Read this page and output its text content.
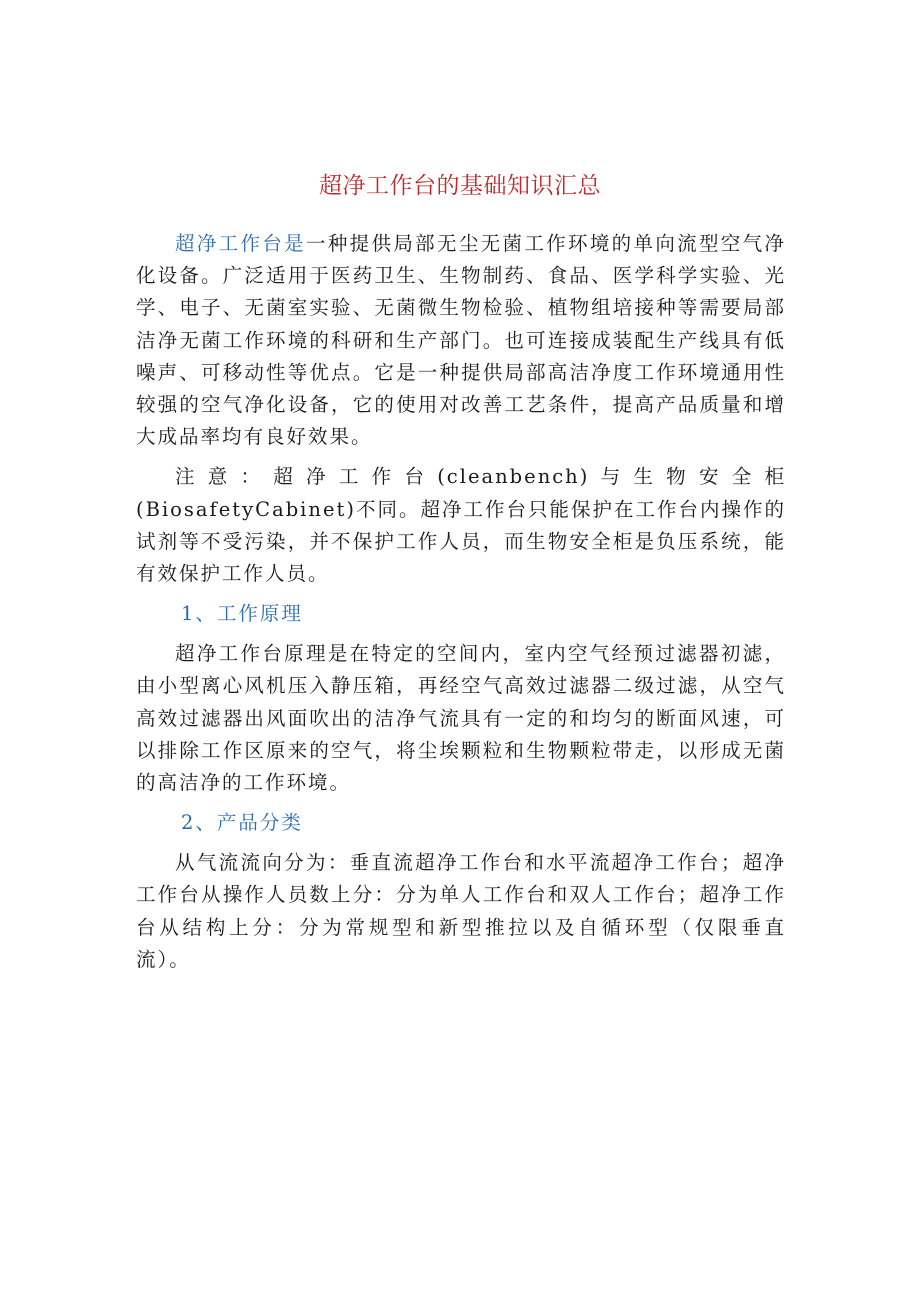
超净工作台的基础知识汇总

超净工作台是一种提供局部无尘无菌工作环境的单向流型空气净化设备。广泛适用于医药卫生、生物制药、食品、医学科学实验、光学、电子、无菌室实验、无菌微生物检验、植物组培接种等需要局部洁净无菌工作环境的科研和生产部门。也可连接成装配生产线具有低噪声、可移动性等优点。它是一种提供局部高洁净度工作环境通用性较强的空气净化设备，它的使用对改善工艺条件，提高产品质量和增大成品率均有良好效果。

注意：超净工作台(cleanbench)与生物安全柜(BiosafetyCabinet)不同。超净工作台只能保护在工作台内操作的试剂等不受污染，并不保护工作人员，而生物安全柜是负压系统，能有效保护工作人员。

1、工作原理

超净工作台原理是在特定的空间内，室内空气经预过滤器初滤，由小型离心风机压入静压箱，再经空气高效过滤器二级过滤，从空气高效过滤器出风面吹出的洁净气流具有一定的和均匀的断面风速，可以排除工作区原来的空气，将尘埃颗粒和生物颗粒带走，以形成无菌的高洁净的工作环境。

2、产品分类

从气流流向分为：垂直流超净工作台和水平流超净工作台；超净工作台从操作人员数上分：分为单人工作台和双人工作台；超净工作台从结构上分：分为常规型和新型推拉以及自循环型（仅限垂直流）。
